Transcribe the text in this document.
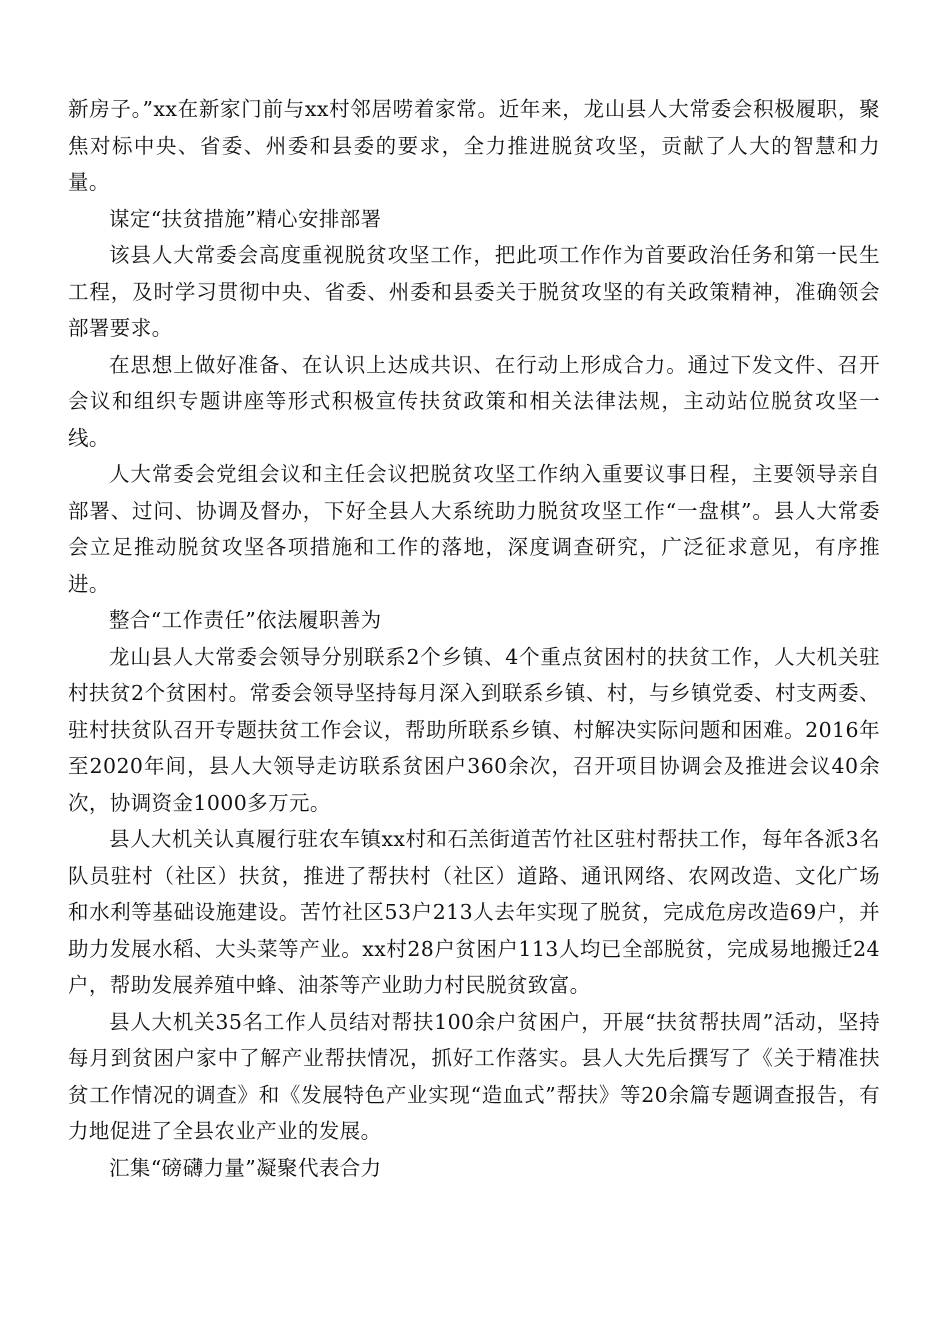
新房子。”xx在新家门前与xx村邻居唠着家常。近年来，龙山县人大常委会积极履职，聚焦对标中央、省委、州委和县委的要求，全力推进脱贫攻坚，贡献了人大的智慧和力量。

谋定“扶贫措施”精心安排部署

该县人大常委会高度重视脱贫攻坚工作，把此项工作作为首要政治任务和第一民生工程，及时学习贯彻中央、省委、州委和县委关于脱贫攻坚的有关政策精神，准确领会部署要求。

在思想上做好准备、在认识上达成共识、在行动上形成合力。通过下发文件、召开会议和组织专题讲座等形式积极宣传扶贫政策和相关法律法规，主动站位脱贫攻坚一线。

人大常委会党组会议和主任会议把脱贫攻坚工作纳入重要议事日程，主要领导亲自部署、过问、协调及督办，下好全县人大系统助力脱贫攻坚工作“一盘棋”。县人大常委会立足推动脱贫攻坚各项措施和工作的落地，深度调查研究，广泛征求意见，有序推进。

整合“工作责任”依法履职善为

龙山县人大常委会领导分别联系2个乡镇、4个重点贫困村的扶贫工作，人大机关驻村扶贫2个贫困村。常委会领导坚持每月深入到联系乡镇、村，与乡镇党委、村支两委、驻村扶贫队召开专题扶贫工作会议，帮助所联系乡镇、村解决实际问题和困难。2016年至2020年间，县人大领导走访联系贫困户360余次，召开项目协调会及推进会议40余次，协调资金1000多万元。

县人大机关认真履行驻农车镇xx村和石羔街道苦竹社区驻村帮扶工作，每年各派3名队员驻村（社区）扶贫，推进了帮扶村（社区）道路、通讯网络、农网改造、文化广场和水利等基础设施建设。苦竹社区53户213人去年实现了脱贫，完成危房改造69户，并助力发展水稻、大头菜等产业。xx村28户贫困户113人均已全部脱贫，完成易地搬迁24户，帮助发展养殖中蜂、油茶等产业助力村民脱贫致富。

县人大机关35名工作人员结对帮扶100余户贫困户，开展“扶贫帮扶周”活动，坚持每月到贫困户家中了解产业帮扶情况，抓好工作落实。县人大先后撰写了《关于精准扶贫工作情况的调查》和《发展特色产业实现“造血式”帮扶》等20余篇专题调查报告，有力地促进了全县农业产业的发展。

汇集“磅礴力量”凝聚代表合力
